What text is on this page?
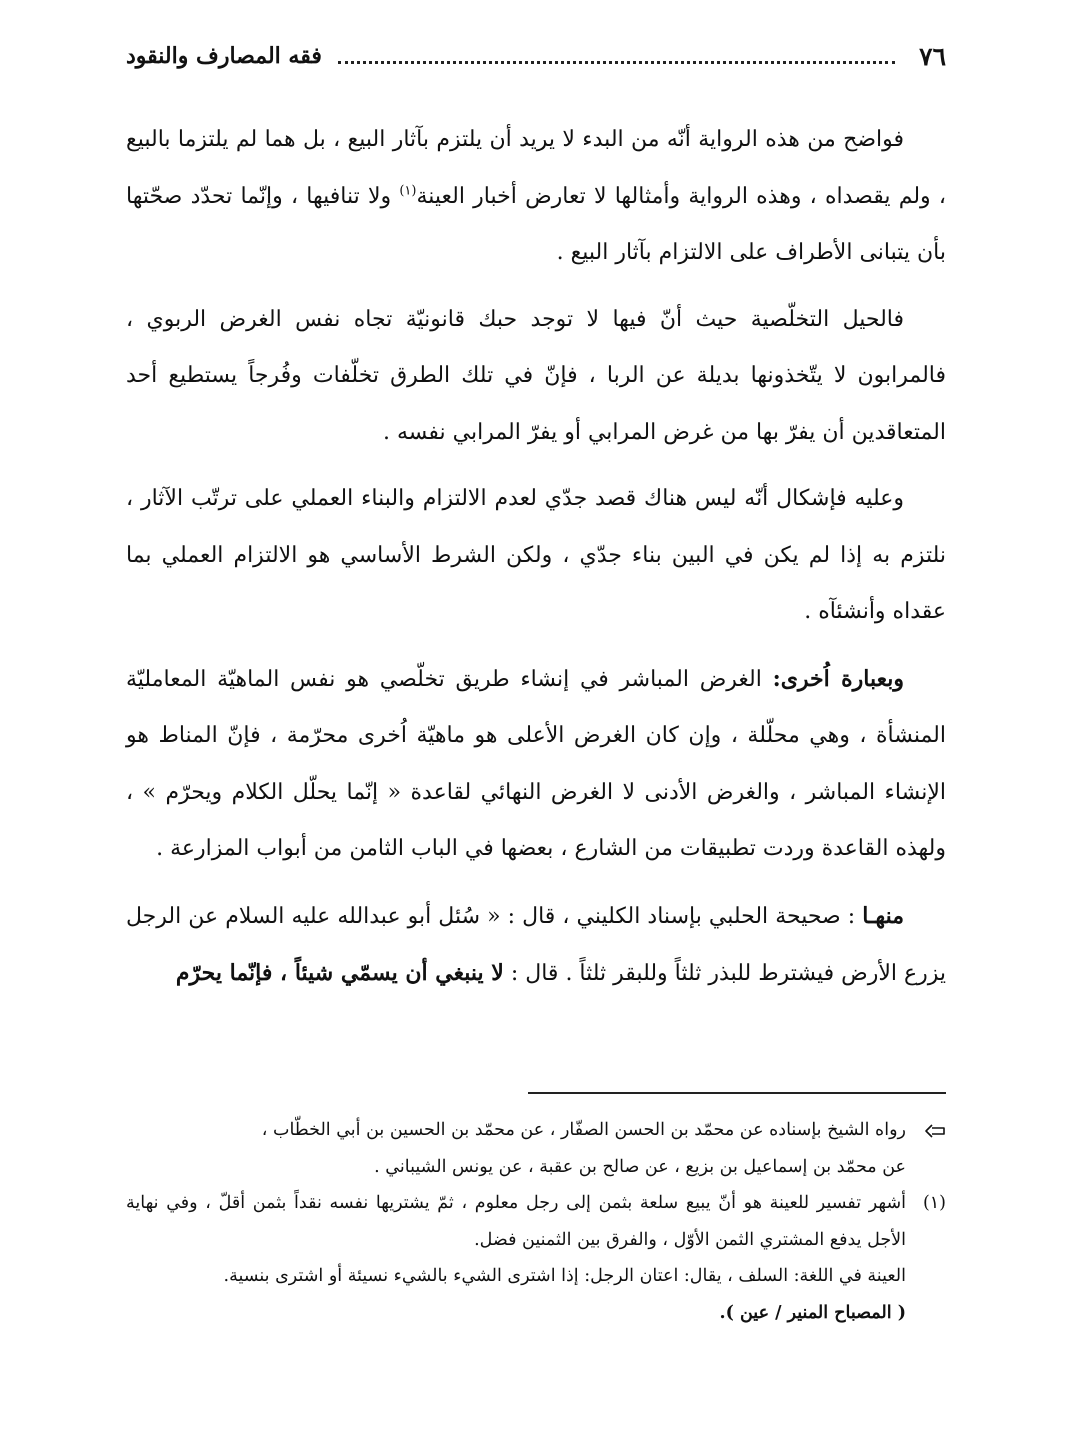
٧٦
فقه المصارف والنقود

فواضح من هذه الرواية أنّه من البدء لا يريد أن يلتزم بآثار البيع ، بل هما لم يلتزما بالبيع ، ولم يقصداه ، وهذه الرواية وأمثالها لا تعارض أخبار العينة$^{(١)}$ ولا تنافيها ، وإنّما تحدّد صحّتها بأن يتبانى الأطراف على الالتزام بآثار البيع .

فالحيل التخلّصية حيث أنّ فيها لا توجد حبك قانونيّة تجاه نفس الغرض الربوي ، فالمرابون لا يتّخذونها بديلة عن الربا ، فإنّ في تلك الطرق تخلّفات وفُرجاً يستطيع أحد المتعاقدين أن يفرّ بها من غرض المرابي أو يفرّ المرابي نفسه .

وعليه فإشكال أنّه ليس هناك قصد جدّي لعدم الالتزام والبناء العملي على ترتّب الآثار ، نلتزم به إذا لم يكن في البين بناء جدّي ، ولكن الشرط الأساسي هو الالتزام العملي بما عقداه وأنشئآه .

وبعبارة اُخرى: الغرض المباشر في إنشاء طريق تخلّصي هو نفس الماهيّة المعامليّة المنشأة ، وهي محلّلة ، وإن كان الغرض الأعلى هو ماهيّة اُخرى محرّمة ، فإنّ المناط هو الإنشاء المباشر ، والغرض الأدنى لا الغرض النهائي لقاعدة « إنّما يحلّل الكلام ويحرّم » ، ولهذه القاعدة وردت تطبيقات من الشارع ، بعضها في الباب الثامن من أبواب المزارعة .

منهـا : صحيحة الحلبي بإسناد الكليني ، قال : « سُئل أبو عبدالله عليه السلام عن الرجل يزرع الأرض فيشترط للبذر ثلثاً وللبقر ثلثاً . قال : لا ينبغي أن يسمّي شيئاً ، فإنّما يحرّم

رواه الشيخ بإسناده عن محمّد بن الحسن الصفّار ، عن محمّد بن الحسين بن أبي الخطّاب ،
عن محمّد بن إسماعيل بن بزيع ، عن صالح بن عقبة ، عن يونس الشيباني .
(١)
أشهر تفسير للعينة هو أنّ يبيع سلعة بثمن إلى رجل معلوم ، ثمّ يشتريها نفسه نقداً بثمن أقلّ ، وفي نهاية الأجل يدفع المشتري الثمن الأوّل ، والفرق بين الثمنين فضل.
العينة في اللغة: السلف ، يقال: اعتان الرجل: إذا اشترى الشيء بالشيء نسيئة أو اشترى بنسية.
( المصباح المنير / عين ).
